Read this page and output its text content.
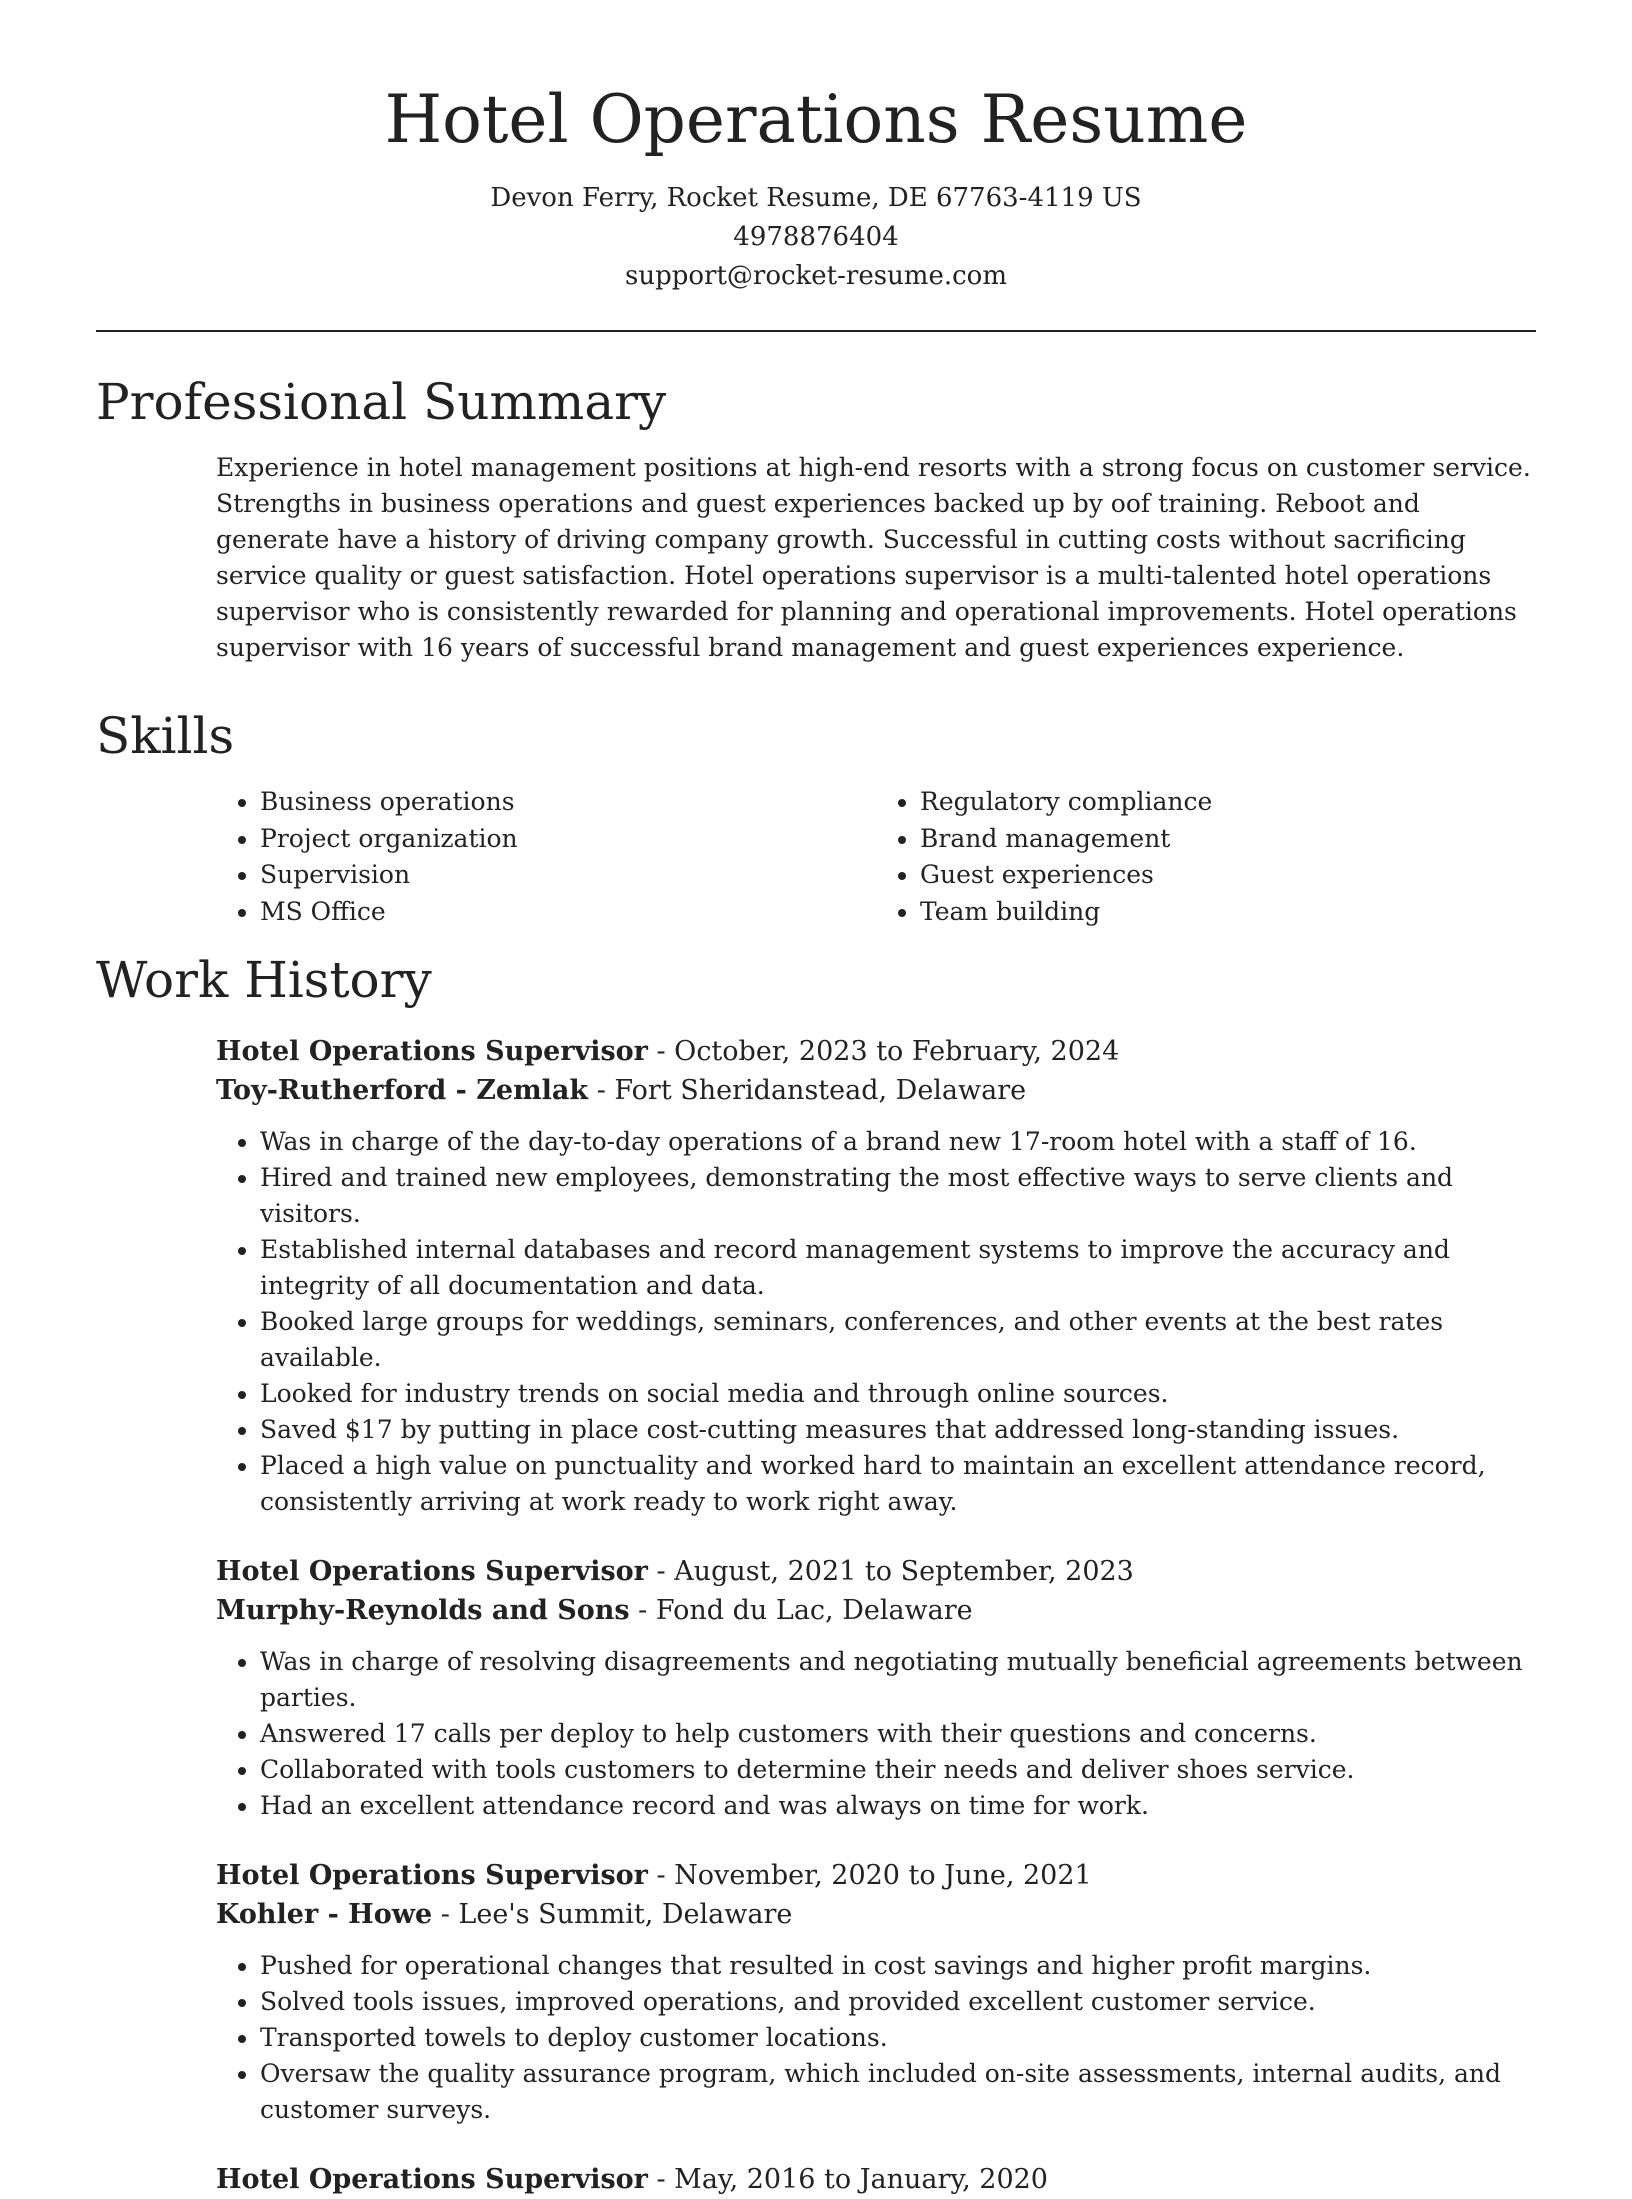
Hotel Operations Resume
Devon Ferry, Rocket Resume, DE 67763-4119 US
4978876404
support@rocket-resume.com
Professional Summary

Experience in hotel management positions at high-end resorts with a strong focus on customer service. Strengths in business operations and guest experiences backed up by oof training. Reboot and generate have a history of driving company growth. Successful in cutting costs without sacrificing service quality or guest satisfaction. Hotel operations supervisor is a multi-talented hotel operations supervisor who is consistently rewarded for planning and operational improvements. Hotel operations supervisor with 16 years of successful brand management and guest experiences experience.

Skills
• Business operations
• Project organization
• Supervision
• MS Office
• Regulatory compliance
• Brand management
• Guest experiences
• Team building
Work History
Hotel Operations Supervisor - October, 2023 to February, 2024
Toy-Rutherford - Zemlak - Fort Sheridanstead, Delaware
• Was in charge of the day-to-day operations of a brand new 17-room hotel with a staff of 16.
• Hired and trained new employees, demonstrating the most effective ways to serve clients and visitors.
• Established internal databases and record management systems to improve the accuracy and integrity of all documentation and data.
• Booked large groups for weddings, seminars, conferences, and other events at the best rates available.
• Looked for industry trends on social media and through online sources.
• Saved $17 by putting in place cost-cutting measures that addressed long-standing issues.
• Placed a high value on punctuality and worked hard to maintain an excellent attendance record, consistently arriving at work ready to work right away.
Hotel Operations Supervisor - August, 2021 to September, 2023
Murphy-Reynolds and Sons - Fond du Lac, Delaware
• Was in charge of resolving disagreements and negotiating mutually beneficial agreements between parties.
• Answered 17 calls per deploy to help customers with their questions and concerns.
• Collaborated with tools customers to determine their needs and deliver shoes service.
• Had an excellent attendance record and was always on time for work.
Hotel Operations Supervisor - November, 2020 to June, 2021
Kohler - Howe - Lee's Summit, Delaware
• Pushed for operational changes that resulted in cost savings and higher profit margins.
• Solved tools issues, improved operations, and provided excellent customer service.
• Transported towels to deploy customer locations.
• Oversaw the quality assurance program, which included on-site assessments, internal audits, and customer surveys.
Hotel Operations Supervisor - May, 2016 to January, 2020
